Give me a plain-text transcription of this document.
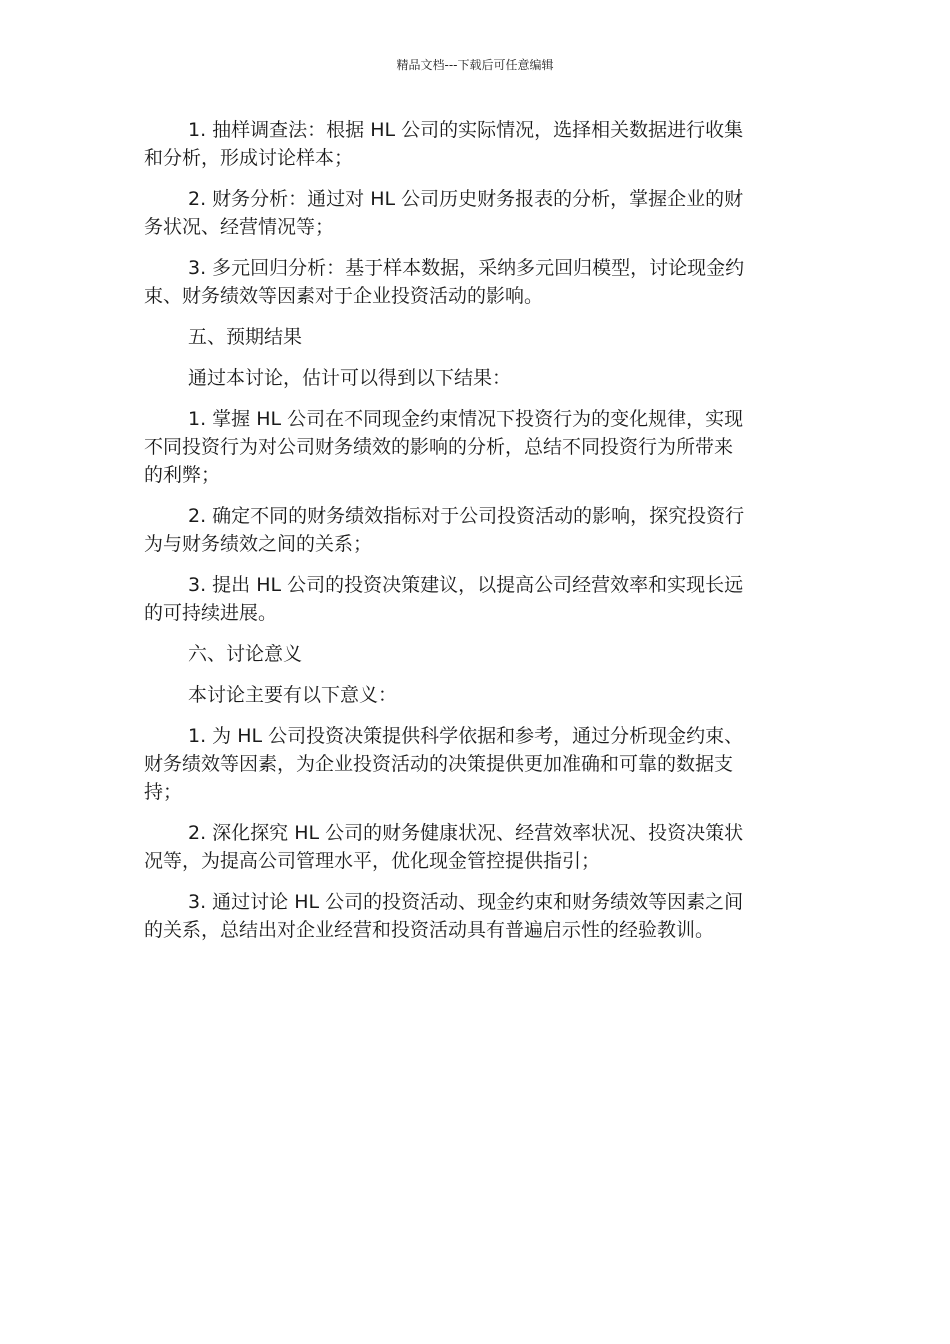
精品文档---下载后可任意编辑

1. 抽样调查法：根据 HL 公司的实际情况，选择相关数据进行收集
和分析，形成讨论样本；

2. 财务分析：通过对 HL 公司历史财务报表的分析，掌握企业的财
务状况、经营情况等；

3. 多元回归分析：基于样本数据，采纳多元回归模型，讨论现金约
束、财务绩效等因素对于企业投资活动的影响。

五、预期结果

通过本讨论，估计可以得到以下结果：

1. 掌握 HL 公司在不同现金约束情况下投资行为的变化规律，实现
不同投资行为对公司财务绩效的影响的分析，总结不同投资行为所带来
的利弊；

2. 确定不同的财务绩效指标对于公司投资活动的影响，探究投资行
为与财务绩效之间的关系；

3. 提出 HL 公司的投资决策建议，以提高公司经营效率和实现长远
的可持续进展。

六、讨论意义

本讨论主要有以下意义：

1. 为 HL 公司投资决策提供科学依据和参考，通过分析现金约束、
财务绩效等因素，为企业投资活动的决策提供更加准确和可靠的数据支
持；

2. 深化探究 HL 公司的财务健康状况、经营效率状况、投资决策状
况等，为提高公司管理水平，优化现金管控提供指引；

3. 通过讨论 HL 公司的投资活动、现金约束和财务绩效等因素之间
的关系，总结出对企业经营和投资活动具有普遍启示性的经验教训。
